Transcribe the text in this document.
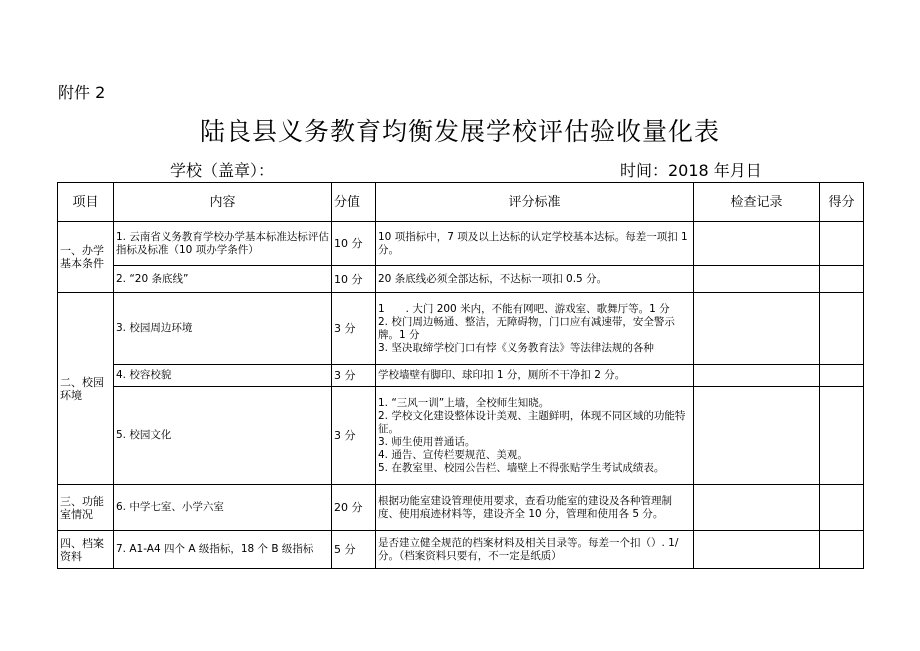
附件 2
陆良县义务教育均衡发展学校评估验收量化表
学校（盖章）：	时间：2018 年月日
项目	内容	分值	评分标准	检查记录	得分
一、办学基本条件	1. 云南省义务教育学校办学基本标准达标评估指标及标准（10 项办学条件）	10 分	10 项指标中，7 项及以上达标的认定学校基本达标。每差一项扣 1 分。		

	2. “20 条底线”	10 分	20 条底线必须全部达标，不达标一项扣 0.5 分。		

二、校园环境	3. 校园周边环境	3 分	1　　. 大门 200 米内，不能有网吧、游戏室、歌舞厅等。1 分
2. 校门周边畅通、整洁，无障碍物，门口应有减速带，安全警示牌。1 分
3. 坚决取缔学校门口有悖《义务教育法》等法律法规的各种		

	4. 校容校貌	3 分	学校墙壁有脚印、球印扣 1 分，厕所不干净扣 2 分。		

	5. 校园文化	3 分	1. “三风一训”上墙，全校师生知晓。
2. 学校文化建设整体设计美观、主题鲜明，体现不同区域的功能特征。
3. 师生使用普通话。
4. 通告、宣传栏要规范、美观。
5. 在教室里、校园公告栏、墙壁上不得张贴学生考试成绩表。		

三、功能室情况	6. 中学七室、小学六室	20 分	根据功能室建设管理使用要求，查看功能室的建设及各种管理制度、使用痕迹材料等，建设齐全 10 分，管理和使用各 5 分。		

四、档案资料	7. A1-A4 四个 A 级指标，18 个 B 级指标	5 分	是否建立健全规范的档案材料及相关目录等。每差一个扣（）. 1/分。（档案资料只要有，不一定是纸质）		
